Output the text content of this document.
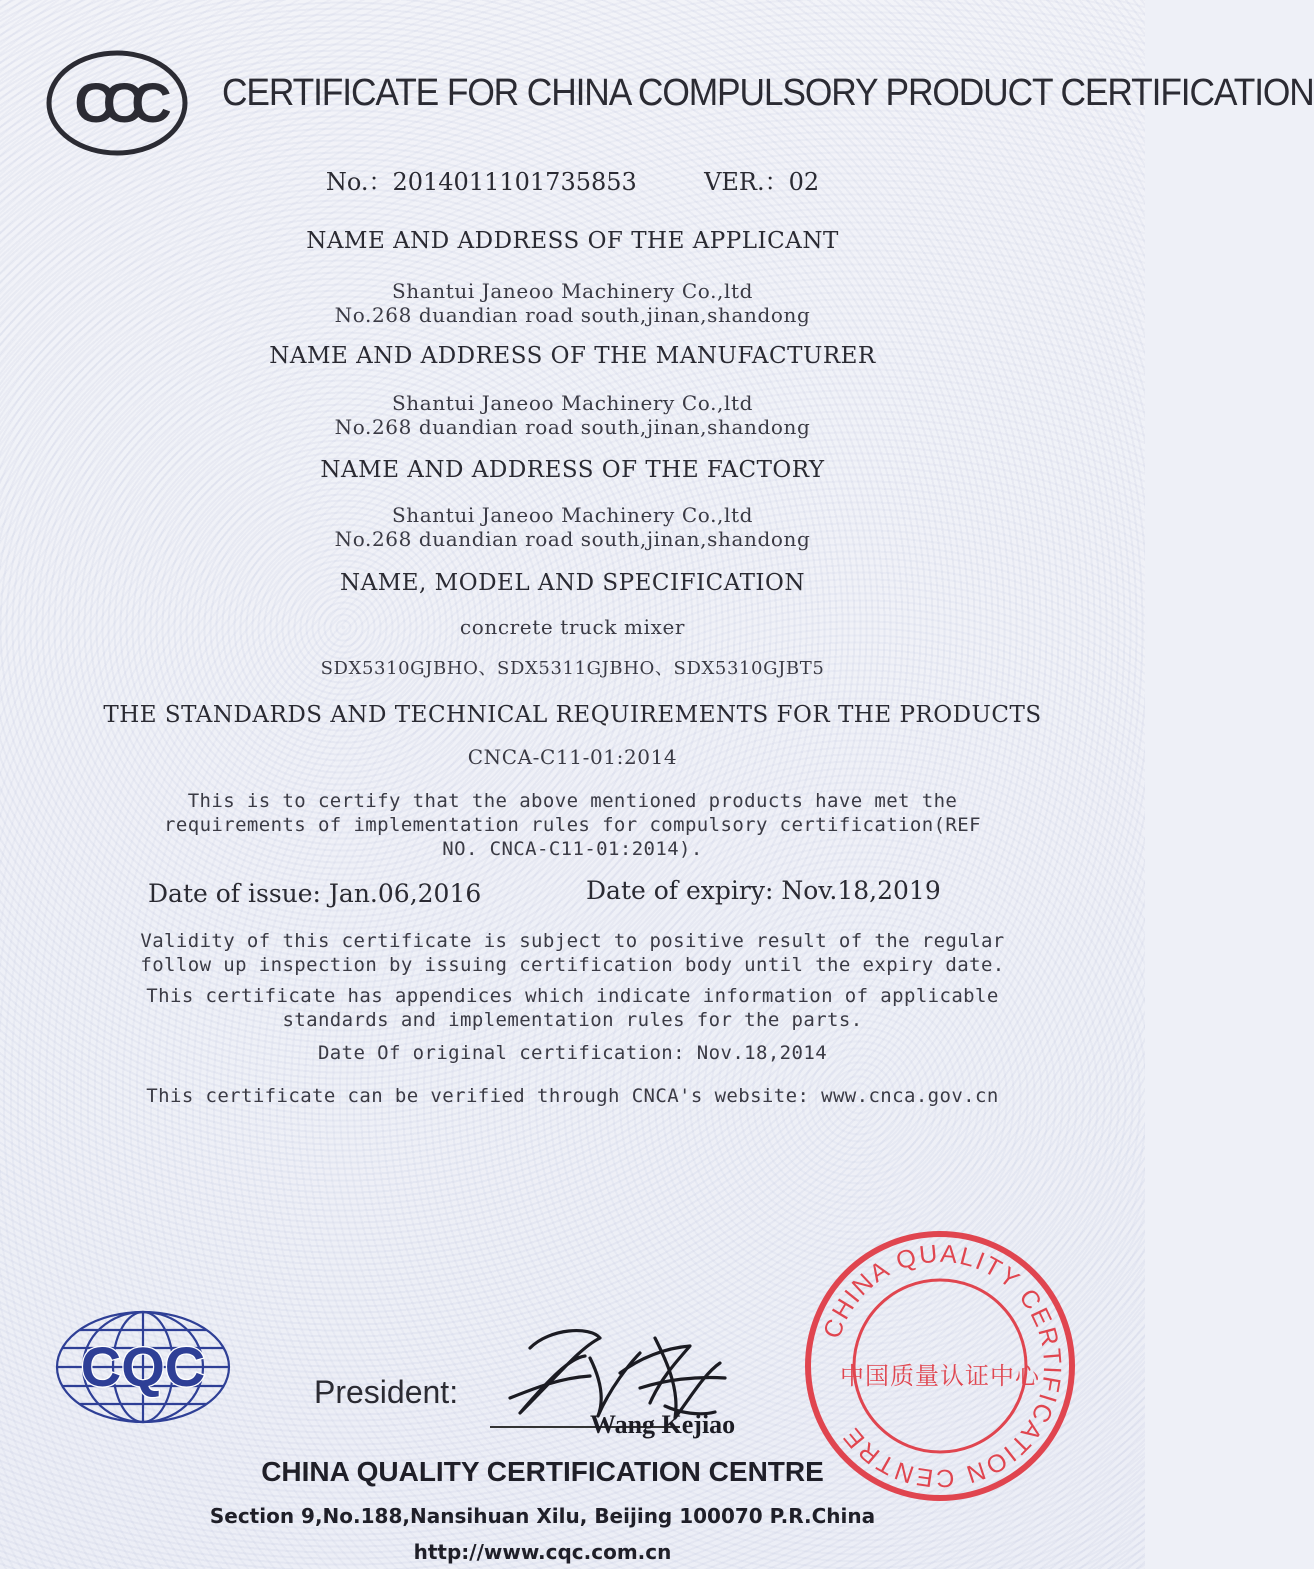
CCC CERTIFICATE FOR CHINA COMPULSORY PRODUCT CERTIFICATION
No.：2014011101735853	VER.：02
NAME AND ADDRESS OF THE APPLICANT
Shantui Janeoo Machinery Co.,ltd
No.268 duandian road south,jinan,shandong
NAME AND ADDRESS OF THE MANUFACTURER
Shantui Janeoo Machinery Co.,ltd
No.268 duandian road south,jinan,shandong
NAME AND ADDRESS OF THE FACTORY
Shantui Janeoo Machinery Co.,ltd
No.268 duandian road south,jinan,shandong
NAME, MODEL AND SPECIFICATION
concrete truck mixer
SDX5310GJBHO、SDX5311GJBHO、SDX5310GJBT5
THE STANDARDS AND TECHNICAL REQUIREMENTS FOR THE PRODUCTS
CNCA-C11-01:2014
This is to certify that the above mentioned products have met the
requirements of implementation rules for compulsory certification(REF
NO. CNCA-C11-01:2014).
Date of issue: Jan.06,2016	Date of expiry: Nov.18,2019
Validity of this certificate is subject to positive result of the regular
follow up inspection by issuing certification body until the expiry date.
This certificate has appendices which indicate information of applicable
standards and implementation rules for the parts.
Date Of original certification: Nov.18,2014
This certificate can be verified through CNCA's website: www.cnca.gov.cn
CQC	President:
Wang Kejiao
CHINA QUALITY CERTIFICATION CENTRE
中国质量认证中心
CHINA QUALITY CERTIFICATION CENTRE
Section 9,No.188,Nansihuan Xilu, Beijing 100070 P.R.China
http://www.cqc.com.cn
